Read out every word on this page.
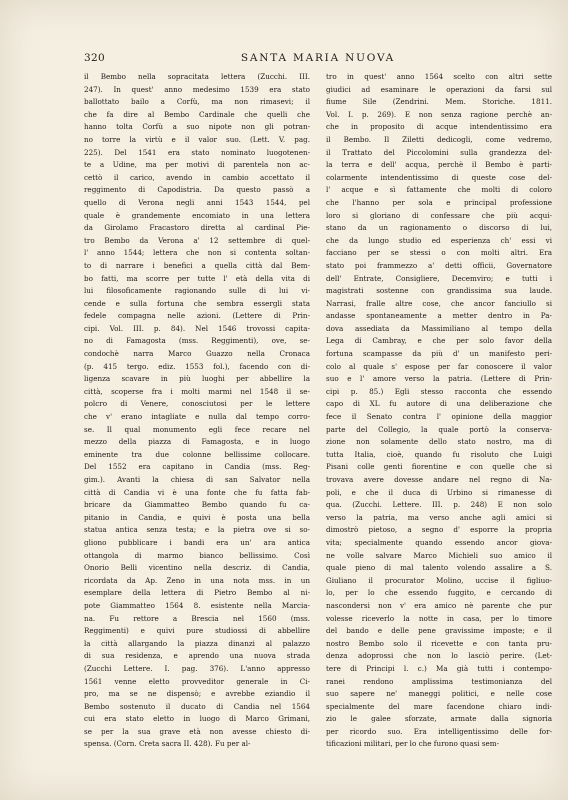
320	SANTA MARIA NUOVA
il Bembo nella sopracitata lettera (Zucchi. III.
247). In quest' anno medesimo 1539 era stato
ballottato bailo a Corfù, ma non rimasevi; il
che fa dire al Bembo Cardinale che quelli che
hanno tolta Corfù a suo nipote non gli potran-
no torre la virtù e il valor suo. (Lett. V. pag.
225). Del 1541 era stato nominato luogotenen-
te a Udine, ma per motivi di parentela non ac-
cettò il carico, avendo in cambio accettato il
reggimento di Capodistria. Da questo passò a
quello di Verona negli anni 1543 1544, pel
quale è grandemente encomiato in una lettera
da Girolamo Fracastoro diretta al cardinal Pie-
tro Bembo da Verona a' 12 settembre di quel-
l' anno 1544; lettera che non si contenta soltan-
to di narrare i benefici a quella città dal Bem-
bo fatti, ma scorre per tutte l' età della vita di
lui filosoficamente ragionando sulle di lui vi-
cende e sulla fortuna che sembra essergli stata
fedele compagna nelle azioni. (Lettere di Prin-
cipi. Vol. III. p. 84). Nel 1546 trovossi capita-
no di Famagosta (mss. Reggimenti), ove, se-
condochè narra Marco Guazzo nella Cronaca
(p. 415 tergo. ediz. 1553 fol.), facendo con di-
ligenza scavare in più luoghi per abbellire la
città, scoperse fra i molti marmi nel 1548 il se-
polcro di Venere, conosciutosi per le lettere
che v' erano intagliate e nulla dal tempo corro-
se. Il qual monumento egli fece recare nel
mezzo della piazza di Famagosta, e in luogo
eminente tra due colonne bellissime collocare.
Del 1552 era capitano in Candia (mss. Reg-
gim.). Avanti la chiesa di san Salvator nella
città di Candia vi è una fonte che fu fatta fab-
bricare da Giammatteo Bembo quando fu ca-
pitanio in Candia, e quivi è posta una bella
statua antica senza testa; e la pietra ove si so-
gliono pubblicare i bandi era un' ara antica
ottangola di marmo bianco bellissimo. Così
Onorio Belli vicentino nella descriz. di Candia,
ricordata da Ap. Zeno in una nota mss. in un
esemplare della lettera di Pietro Bembo al ni-
pote Giammatteo 1564 8. esistente nella Marcia-
na. Fu rettore a Brescia nel 1560 (mss.
Reggimenti) e quivi pure studiossi di abbellire
la città allargando la piazza dinanzi al palazzo
di sua residenza, e aprendo una nuova strada
(Zucchi Lettere. I. pag. 376). L'anno appresso
1561 venne eletto provveditor generale in Ci-
pro, ma se ne dispensò; e avrebbe eziandio il
Bembo sostenuto il ducato di Candia nel 1564
cui era stato eletto in luogo di Marco Grimani,
se per la sua grave età non avesse chiesto di-
spensa. (Corn. Creta sacra II. 428). Fu per al-
tro in quest' anno 1564 scelto con altri sette
giudici ad esaminare le operazioni da farsi sul
fiume Sile (Zendrini. Mem. Storiche. 1811.
Vol. I. p. 269). E non senza ragione perchè an-
che in proposito di acque intendentissimo era
il Bembo. Il Ziletti dedicogli, come vedremo,
il Trattato del Piccolomini sulla grandezza del-
la terra e dell' acqua, perchè il Bembo è parti-
colarmente intendentissimo di queste cose del-
l' acque e sì fattamente che molti di coloro
che l'hanno per sola e principal professione
loro si gloriano di confessare che più acqui-
stano da un ragionamento o discorso di lui,
che da lungo studio ed esperienza ch' essi vi
facciano per se stessi o con molti altri. Era
stato poi frammezzo a' detti officii, Governatore
dell' Entrate, Consigliere, Decemviro; e tutti i
magistrati sostenne con grandissima sua laude.
Narrasi, fralle altre cose, che ancor fanciullo si
andasse spontaneamente a metter dentro in Pa-
dova assediata da Massimiliano al tempo della
Lega di Cambray, e che per solo favor della
fortuna scampasse da più d' un manifesto peri-
colo al quale s' espose per far conoscere il valor
suo e l' amore verso la patria. (Lettere di Prin-
cipi p. 85.) Egli stesso racconta che essendo
capo di XL fu autore di una deliberazione che
fece il Senato contra l' opinione della maggior
parte del Collegio, la quale portò la conserva-
zione non solamente dello stato nostro, ma di
tutta Italia, cioè, quando fu risoluto che Luigi
Pisani colle genti fiorentine e con quelle che si
trovava avere dovesse andare nel regno di Na-
poli, e che il duca di Urbino si rimanesse di
qua. (Zucchi. Lettere. III. p. 248) E non solo
verso la patria, ma verso anche agli amici si
dimostrò pietoso, a segno d' esporre la propria
vita; specialmente quando essendo ancor giova-
ne volle salvare Marco Michieli suo amico il
quale pieno di mal talento volendo assalire a S.
Giuliano il procurator Molino, uccise il figliuo-
lo, per lo che essendo fuggito, e cercando di
nascondersi non v' era amico nè parente che pur
volesse riceverlo la notte in casa, per lo timore
del bando e delle pene gravissime imposte; e il
nostro Bembo solo il ricevette e con tanta pru-
denza adoprossi che non lo lasciò perire. (Let-
tere di Principi l. c.) Ma già tutti i contempo-
ranei rendono amplissima testimonianza del
suo sapere ne' maneggi politici, e nelle cose
specialmente del mare facendone chiaro indi-
zio le galee sforzate, armate dalla signoria
per ricordo suo. Era intelligentissimo delle for-
tificazioni militari, per lo che furono quasi sem-
